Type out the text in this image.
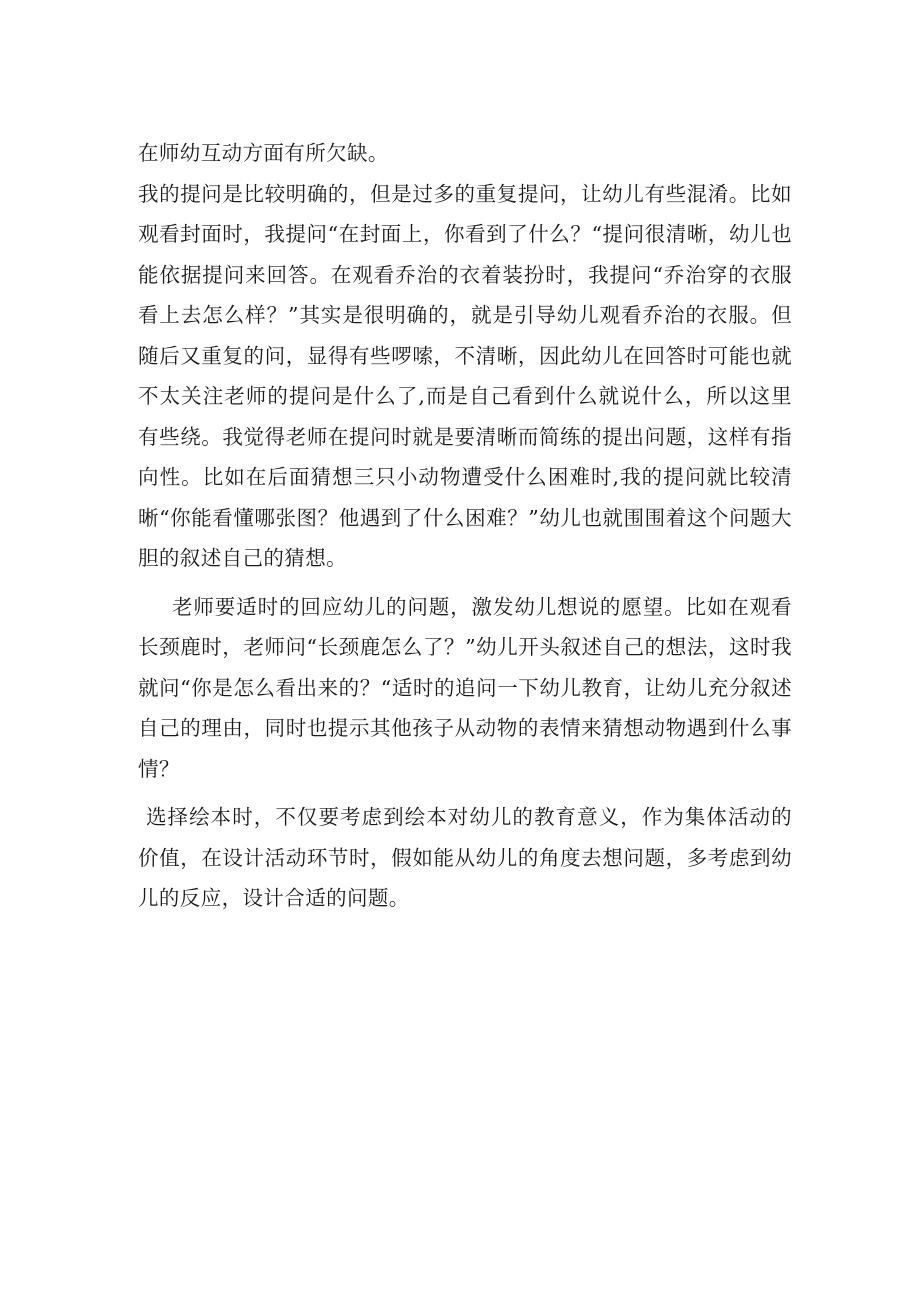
在师幼互动方面有所欠缺。

我的提问是比较明确的，但是过多的重复提问，让幼儿有些混淆。比如观看封面时，我提问“在封面上，你看到了什么？“提问很清晰，幼儿也能依据提问来回答。在观看乔治的衣着装扮时，我提问“乔治穿的衣服看上去怎么样？”其实是很明确的，就是引导幼儿观看乔治的衣服。但随后又重复的问，显得有些啰嗦，不清晰，因此幼儿在回答时可能也就不太关注老师的提问是什么了,而是自己看到什么就说什么，所以这里有些绕。我觉得老师在提问时就是要清晰而简练的提出问题，这样有指向性。比如在后面猜想三只小动物遭受什么困难时,我的提问就比较清晰“你能看懂哪张图？他遇到了什么困难？”幼儿也就围围着这个问题大胆的叙述自己的猜想。

老师要适时的回应幼儿的问题，激发幼儿想说的愿望。比如在观看长颈鹿时，老师问“长颈鹿怎么了？”幼儿开头叙述自己的想法，这时我就问“你是怎么看出来的？“适时的追问一下幼儿教育，让幼儿充分叙述自己的理由，同时也提示其他孩子从动物的表情来猜想动物遇到什么事情？

选择绘本时，不仅要考虑到绘本对幼儿的教育意义，作为集体活动的价值，在设计活动环节时，假如能从幼儿的角度去想问题，多考虑到幼儿的反应，设计合适的问题。
